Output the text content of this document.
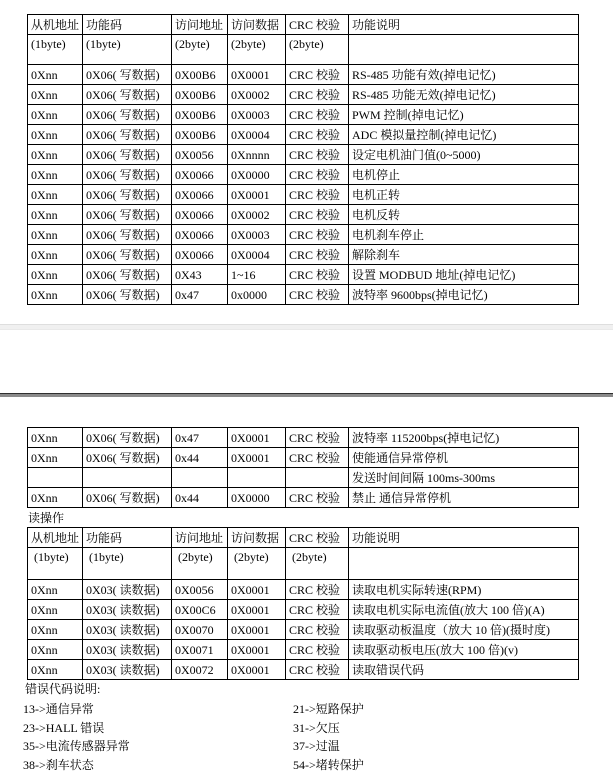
从机地址	功能码	访问地址	访问数据	CRC 校验	功能说明
(1byte)	(1byte)	(2byte)	(2byte)	(2byte)	
0Xnn	0X06( 写数据)	0X00B6	0X0001	CRC 校验	RS-485 功能有效(掉电记忆)
0Xnn	0X06( 写数据)	0X00B6	0X0002	CRC 校验	RS-485 功能无效(掉电记忆)
0Xnn	0X06( 写数据)	0X00B6	0X0003	CRC 校验	PWM 控制(掉电记忆)
0Xnn	0X06( 写数据)	0X00B6	0X0004	CRC 校验	ADC 模拟量控制(掉电记忆)
0Xnn	0X06( 写数据)	0X0056	0Xnnnn	CRC 校验	设定电机油门值(0~5000)
0Xnn	0X06( 写数据)	0X0066	0X0000	CRC 校验	电机停止
0Xnn	0X06( 写数据)	0X0066	0X0001	CRC 校验	电机正转
0Xnn	0X06( 写数据)	0X0066	0X0002	CRC 校验	电机反转
0Xnn	0X06( 写数据)	0X0066	0X0003	CRC 校验	电机刹车停止
0Xnn	0X06( 写数据)	0X0066	0X0004	CRC 校验	解除刹车
0Xnn	0X06( 写数据)	0X43	1~16	CRC 校验	设置 MODBUD 地址(掉电记忆)
0Xnn	0X06( 写数据)	0x47	0x0000	CRC 校验	波特率 9600bps(掉电记忆)
0Xnn	0X06( 写数据)	0x47	0X0001	CRC 校验	波特率 115200bps(掉电记忆)
0Xnn	0X06( 写数据)	0x44	0X0001	CRC 校验	使能通信异常停机
					发送时间间隔 100ms-300ms
0Xnn	0X06( 写数据)	0x44	0X0000	CRC 校验	禁止 通信异常停机
读操作
从机地址	功能码	访问地址	访问数据	CRC 校验	功能说明
(1byte)	(1byte)	(2byte)	(2byte)	(2byte)	
0Xnn	0X03( 读数据)	0X0056	0X0001	CRC 校验	读取电机实际转速(RPM)
0Xnn	0X03( 读数据)	0X00C6	0X0001	CRC 校验	读取电机实际电流值(放大 100 倍)(A)
0Xnn	0X03( 读数据)	0X0070	0X0001	CRC 校验	读取驱动板温度（放大 10 倍)(摄时度)
0Xnn	0X03( 读数据)	0X0071	0X0001	CRC 校验	读取驱动板电压(放大 100 倍)(v)
0Xnn	0X03( 读数据)	0X0072	0X0001	CRC 校验	读取错误代码
错误代码说明:
13->通信异常	21->短路保护
23->HALL 错误	31->欠压
35->电流传感器异常	37->过温
38->刹车状态	54->堵转保护
